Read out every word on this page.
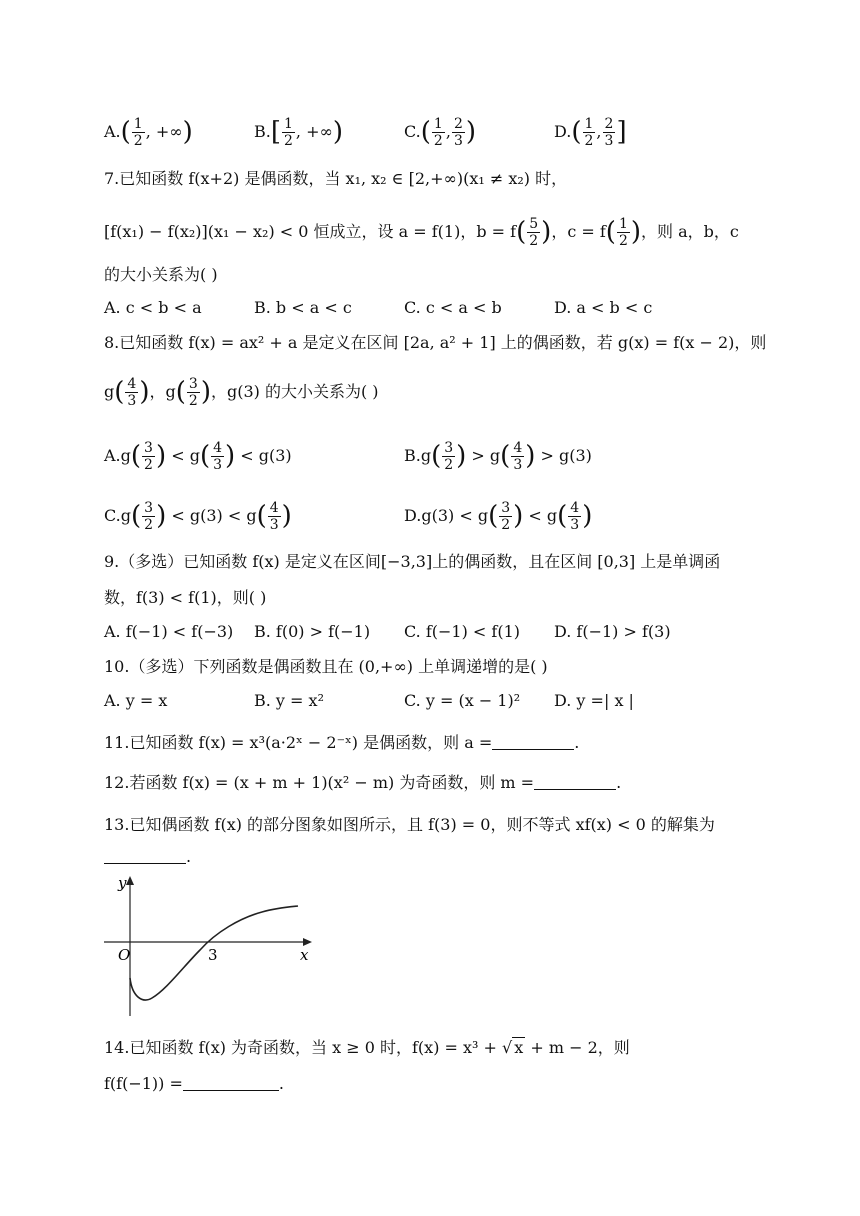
$A.( \frac{1}{2}$ , +∞)	$B.[ \frac{1}{2}$ , +∞)	$C.( \frac{1}{2}$ , $\frac{2}{3}$ )	$D.( \frac{1}{2}$ , $\frac{2}{3}$ ]
7.已知函数 f(x+2) 是偶函数，当 x₁, x₂ ∈ [2,+∞)(x₁ ≠ x₂) 时，
[f(x₁) − f(x₂)](x₁ − x₂) < 0 恒成立，设 a = f(1)，$b = f( \frac{5}{2}$ )，$c = f( \frac{1}{2}$ )，则 a，b，c
的大小关系为( )
A. c < b < a	B. b < a < c	C. c < a < b	D. a < b < c
8.已知函数 f(x) = ax² + a 是定义在区间 [2a, a² + 1] 上的偶函数，若 g(x) = f(x − 2)，则
$g( \frac{4}{3}$ )，$g( \frac{3}{2}$ )，g(3) 的大小关系为( )
$A.g( \frac{3}{2}$ ) < $g( \frac{4}{3}$ ) < g(3)	$B.g( \frac{3}{2}$ ) > $g( \frac{4}{3}$ ) > g(3)
$C.g( \frac{3}{2}$ ) < $g(3) < g( \frac{4}{3}$ )	$D.g(3) < g( \frac{3}{2}$ ) < $g( \frac{4}{3}$ )
9.（多选）已知函数 f(x) 是定义在区间[−3,3]上的偶函数，且在区间 [0,3] 上是单调函
数，f(3) < f(1)，则( )
A. f(−1) < f(−3) B. f(0) > f(−1) C. f(−1) < f(1) D. f(−1) > f(3)
10.（多选）下列函数是偶函数且在 (0,+∞) 上单调递增的是( )
A. y = x	B. y = x²	C. y = (x − 1)² D. y =| x |
11.已知函数 f(x) = x³(a·2ˣ − 2⁻ˣ) 是偶函数，则 a =	.
12.若函数 f(x) = (x + m + 1)(x² − m) 为奇函数，则 m =	.
13.已知偶函数 f(x) 的部分图象如图所示，且 f(3) = 0，则不等式 xf(x) < 0 的解集为
.
y
x
O	3
14.已知函数 f(x) 为奇函数，当 x ≥ 0 时，f(x) = x³ + √ x + m − 2，则
f(f(−1)) =	.
